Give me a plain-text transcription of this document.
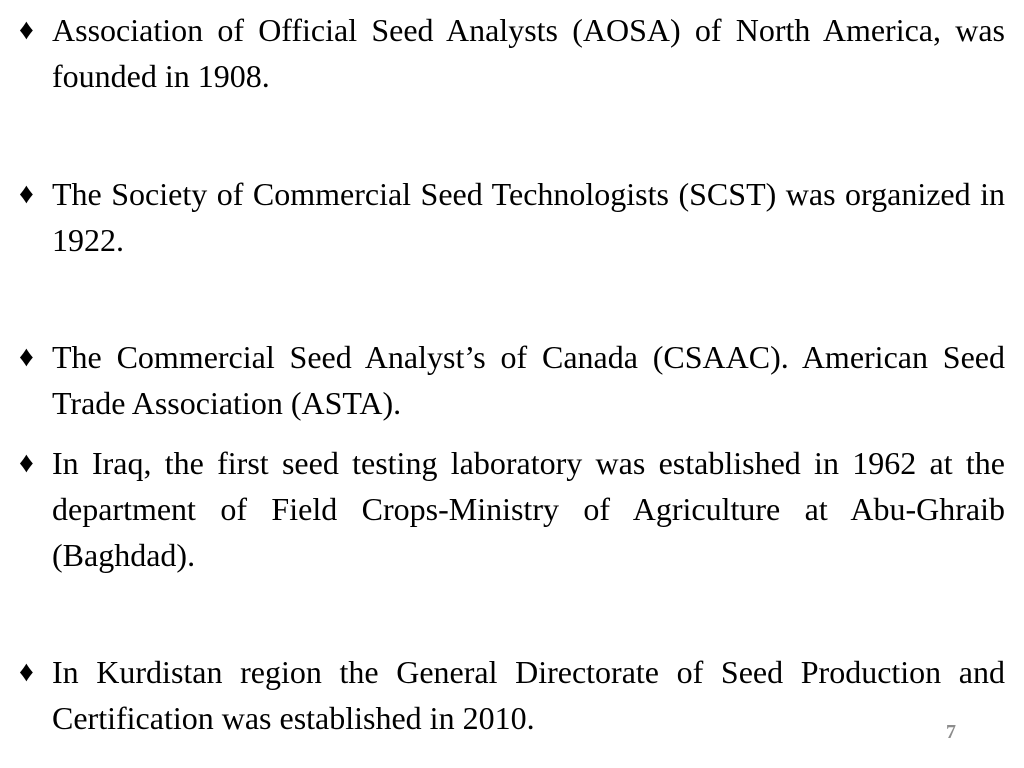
♦ Association of Official Seed Analysts (AOSA) of North America, was founded in 1908.

♦ The Society of Commercial Seed Technologists (SCST) was organized in 1922.

♦ The Commercial Seed Analyst’s of Canada (CSAAC). American Seed Trade Association (ASTA).

♦ In Iraq, the first seed testing laboratory was established in 1962 at the department of Field Crops-Ministry of Agriculture at Abu-Ghraib (Baghdad).

♦ In Kurdistan region the General Directorate of Seed Production and Certification was established in 2010.	7
